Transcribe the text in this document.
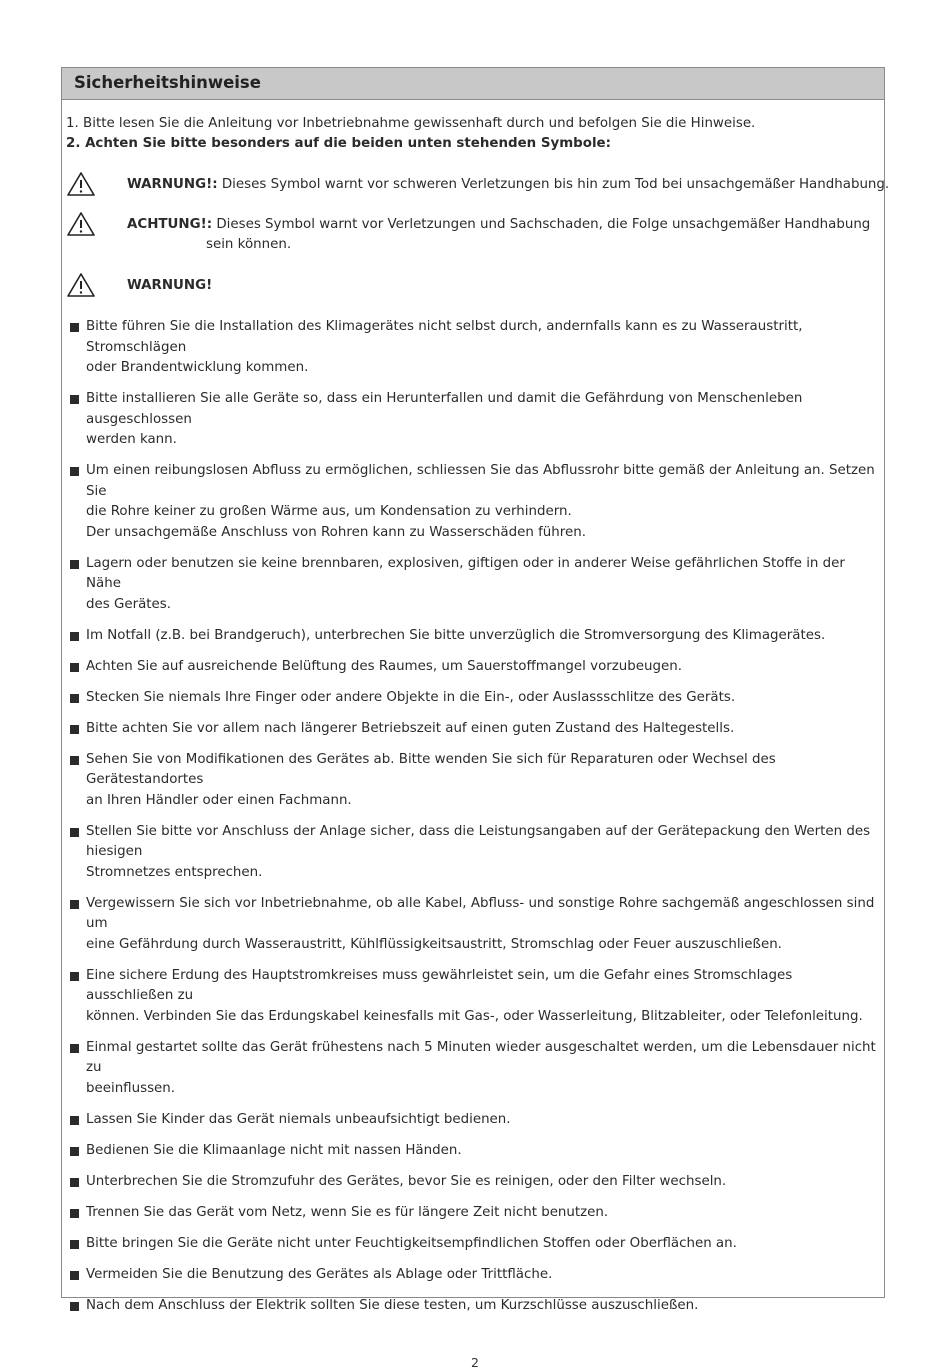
Sicherheitshinweise
1. Bitte lesen Sie die Anleitung vor Inbetriebnahme gewissenhaft durch und befolgen Sie die Hinweise.
2. Achten Sie bitte besonders auf die beiden unten stehenden Symbole:
WARNUNG!: Dieses Symbol warnt vor schweren Verletzungen bis hin zum Tod bei unsachgemäßer Handhabung.
ACHTUNG!: Dieses Symbol warnt vor Verletzungen und Sachschaden, die Folge unsachgemäßer Handhabung
sein können.
WARNUNG!
Bitte führen Sie die Installation des Klimagerätes nicht selbst durch, andernfalls kann es zu Wasseraustritt, Stromschlägen
oder Brandentwicklung kommen.
Bitte installieren Sie alle Geräte so, dass ein Herunterfallen und damit die Gefährdung von Menschenleben ausgeschlossen
werden kann.
Um einen reibungslosen Abfluss zu ermöglichen, schliessen Sie das Abflussrohr bitte gemäß der Anleitung an. Setzen Sie
die Rohre keiner zu großen Wärme aus, um Kondensation zu verhindern.
Der unsachgemäße Anschluss von Rohren kann zu Wasserschäden führen.
Lagern oder benutzen sie keine brennbaren, explosiven, giftigen oder in anderer Weise gefährlichen Stoffe in der Nähe
des Gerätes.
Im Notfall (z.B. bei Brandgeruch), unterbrechen Sie bitte unverzüglich die Stromversorgung des Klimagerätes.
Achten Sie auf ausreichende Belüftung des Raumes, um Sauerstoffmangel vorzubeugen.
Stecken Sie niemals Ihre Finger oder andere Objekte in die Ein-, oder Auslassschlitze des Geräts.
Bitte achten Sie vor allem nach längerer Betriebszeit auf einen guten Zustand des Haltegestells.
Sehen Sie von Modifikationen des Gerätes ab. Bitte wenden Sie sich für Reparaturen oder Wechsel des Gerätestandortes
an Ihren Händler oder einen Fachmann.
Stellen Sie bitte vor Anschluss der Anlage sicher, dass die Leistungsangaben auf der Gerätepackung den Werten des hiesigen
Stromnetzes entsprechen.
Vergewissern Sie sich vor Inbetriebnahme, ob alle Kabel, Abfluss- und sonstige Rohre sachgemäß angeschlossen sind um
eine Gefährdung durch Wasseraustritt, Kühlflüssigkeitsaustritt, Stromschlag oder Feuer auszuschließen.
Eine sichere Erdung des Hauptstromkreises muss gewährleistet sein, um die Gefahr eines Stromschlages ausschließen zu
können. Verbinden Sie das Erdungskabel keinesfalls mit Gas-, oder Wasserleitung, Blitzableiter, oder Telefonleitung.
Einmal gestartet sollte das Gerät frühestens nach 5 Minuten wieder ausgeschaltet werden, um die Lebensdauer nicht zu
beeinflussen.
Lassen Sie Kinder das Gerät niemals unbeaufsichtigt bedienen.
Bedienen Sie die Klimaanlage nicht mit nassen Händen.
Unterbrechen Sie die Stromzufuhr des Gerätes, bevor Sie es reinigen, oder den Filter wechseln.
Trennen Sie das Gerät vom Netz, wenn Sie es für längere Zeit nicht benutzen.
Bitte bringen Sie die Geräte nicht unter Feuchtigkeitsempfindlichen Stoffen oder Oberflächen an.
Vermeiden Sie die Benutzung des Gerätes als Ablage oder Trittfläche.
Nach dem Anschluss der Elektrik sollten Sie diese testen, um Kurzschlüsse auszuschließen.
2
